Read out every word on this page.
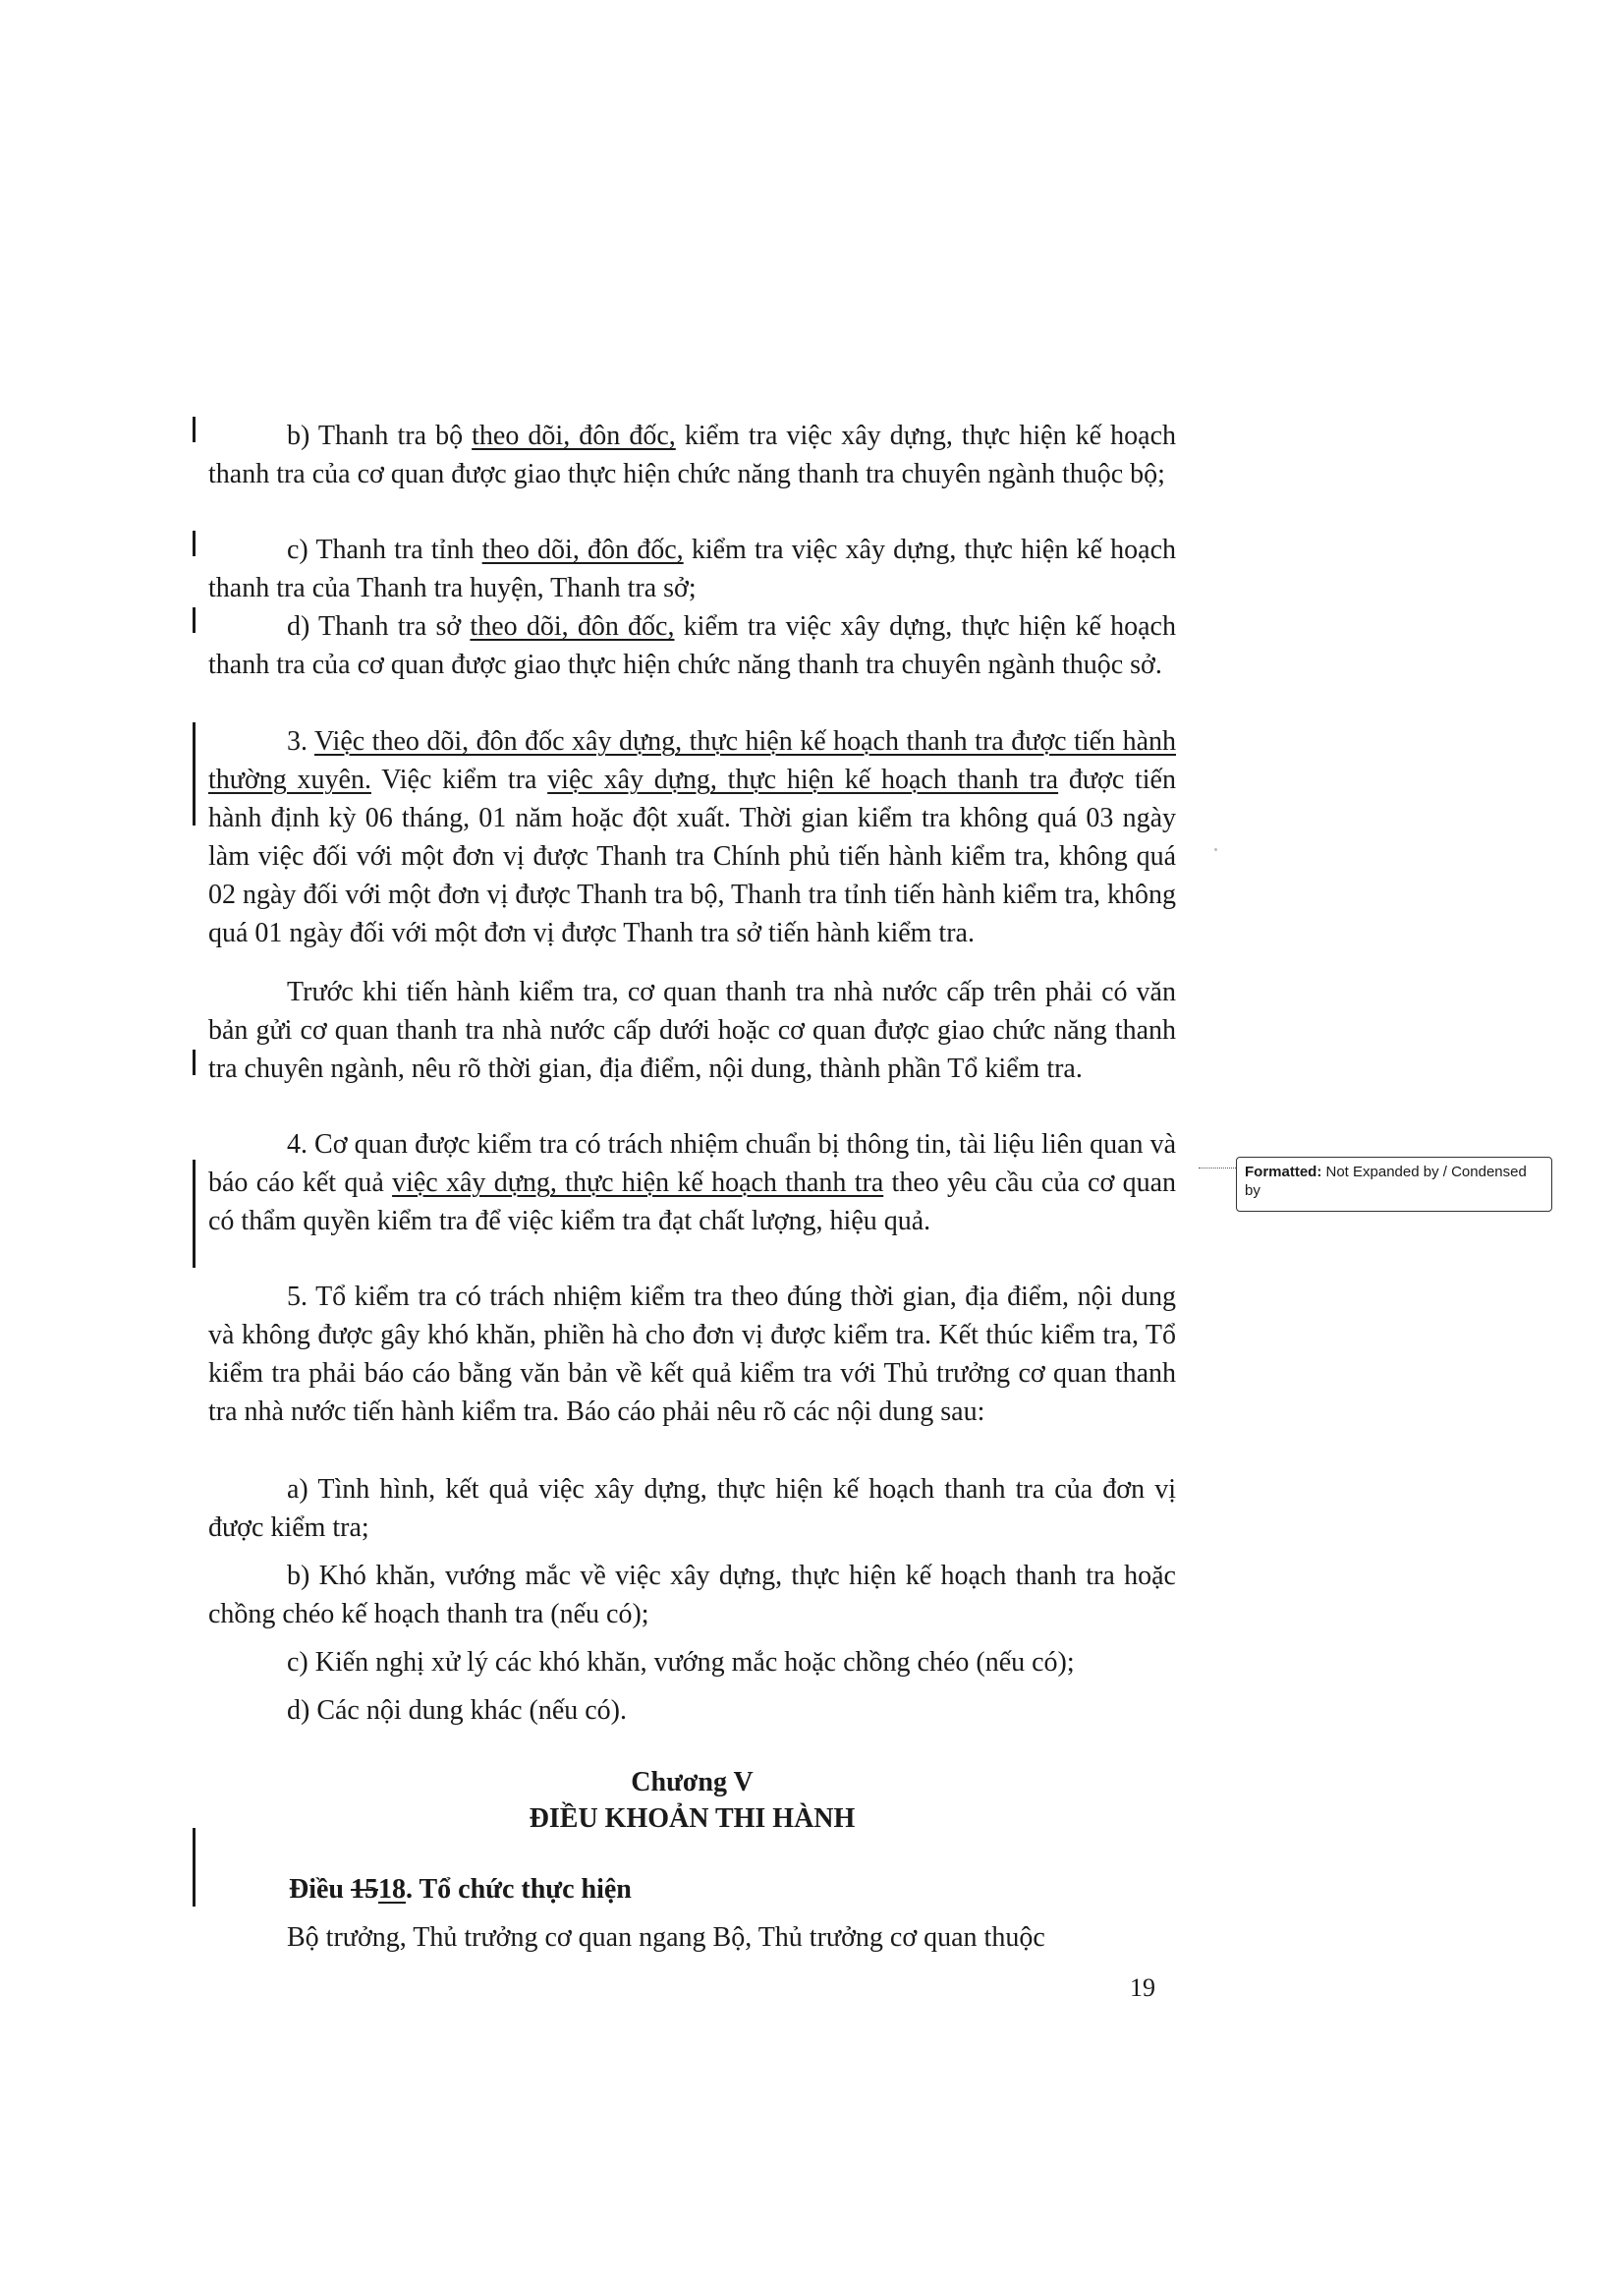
b) Thanh tra bộ theo dõi, đôn đốc, kiểm tra việc xây dựng, thực hiện kế hoạch thanh tra của cơ quan được giao thực hiện chức năng thanh tra chuyên ngành thuộc bộ;

c) Thanh tra tỉnh theo dõi, đôn đốc, kiểm tra việc xây dựng, thực hiện kế hoạch thanh tra của Thanh tra huyện, Thanh tra sở;

d) Thanh tra sở theo dõi, đôn đốc, kiểm tra việc xây dựng, thực hiện kế hoạch thanh tra của cơ quan được giao thực hiện chức năng thanh tra chuyên ngành thuộc sở.

3. Việc theo dõi, đôn đốc xây dựng, thực hiện kế hoạch thanh tra được tiến hành thường xuyên. Việc kiểm tra việc xây dựng, thực hiện kế hoạch thanh tra được tiến hành định kỳ 06 tháng, 01 năm hoặc đột xuất. Thời gian kiểm tra không quá 03 ngày làm việc đối với một đơn vị được Thanh tra Chính phủ tiến hành kiểm tra, không quá 02 ngày đối với một đơn vị được Thanh tra bộ, Thanh tra tỉnh tiến hành kiểm tra, không quá 01 ngày đối với một đơn vị được Thanh tra sở tiến hành kiểm tra.

Trước khi tiến hành kiểm tra, cơ quan thanh tra nhà nước cấp trên phải có văn bản gửi cơ quan thanh tra nhà nước cấp dưới hoặc cơ quan được giao chức năng thanh tra chuyên ngành, nêu rõ thời gian, địa điểm, nội dung, thành phần Tổ kiểm tra.

4. Cơ quan được kiểm tra có trách nhiệm chuẩn bị thông tin, tài liệu liên quan và báo cáo kết quả việc xây dựng, thực hiện kế hoạch thanh tra theo yêu cầu của cơ quan có thẩm quyền kiểm tra để việc kiểm tra đạt chất lượng, hiệu quả.

5. Tổ kiểm tra có trách nhiệm kiểm tra theo đúng thời gian, địa điểm, nội dung và không được gây khó khăn, phiền hà cho đơn vị được kiểm tra. Kết thúc kiểm tra, Tổ kiểm tra phải báo cáo bằng văn bản về kết quả kiểm tra với Thủ trưởng cơ quan thanh tra nhà nước tiến hành kiểm tra. Báo cáo phải nêu rõ các nội dung sau:

a) Tình hình, kết quả việc xây dựng, thực hiện kế hoạch thanh tra của đơn vị được kiểm tra;

b) Khó khăn, vướng mắc về việc xây dựng, thực hiện kế hoạch thanh tra hoặc chồng chéo kế hoạch thanh tra (nếu có);

c) Kiến nghị xử lý các khó khăn, vướng mắc hoặc chồng chéo (nếu có);

d) Các nội dung khác (nếu có).

Chương V

ĐIỀU KHOẢN THI HÀNH

Điều 1518. Tổ chức thực hiện

Bộ trưởng, Thủ trưởng cơ quan ngang Bộ, Thủ trưởng cơ quan thuộc

19
Formatted: Not Expanded by / Condensed by
